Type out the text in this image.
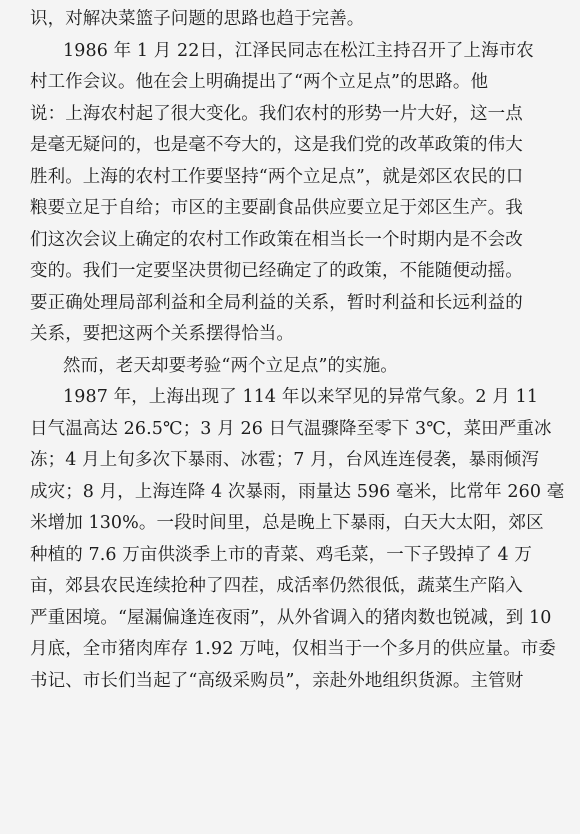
识，对解决菜篮子问题的思路也趋于完善。
1986 年 1 月 22日，江泽民同志在松江主持召开了上海市农
村工作会议。他在会上明确提出了“两个立足点”的思路。他
说：上海农村起了很大变化。我们农村的形势一片大好，这一点
是毫无疑问的，也是毫不夸大的，这是我们党的改革政策的伟大
胜利。上海的农村工作要坚持“两个立足点”，就是郊区农民的口
粮要立足于自给；市区的主要副食品供应要立足于郊区生产。我
们这次会议上确定的农村工作政策在相当长一个时期内是不会改
变的。我们一定要坚决贯彻已经确定了的政策，不能随便动摇。
要正确处理局部利益和全局利益的关系，暂时利益和长远利益的
关系，要把这两个关系摆得恰当。
然而，老天却要考验“两个立足点”的实施。
1987 年，上海出现了 114 年以来罕见的异常气象。2 月 11
日气温高达 26.5℃；3 月 26 日气温骤降至零下 3℃，菜田严重冰
冻；4 月上旬多次下暴雨、冰雹；7 月，台风连连侵袭，暴雨倾泻
成灾；8 月，上海连降 4 次暴雨，雨量达 596 毫米，比常年 260 毫
米增加 130%。一段时间里，总是晚上下暴雨，白天大太阳，郊区
种植的 7.6 万亩供淡季上市的青菜、鸡毛菜，一下子毁掉了 4 万
亩，郊县农民连续抢种了四茬，成活率仍然很低，蔬菜生产陷入
严重困境。“屋漏偏逢连夜雨”，从外省调入的猪肉数也锐减，到 10
月底，全市猪肉库存 1.92 万吨，仅相当于一个多月的供应量。市委
书记、市长们当起了“高级采购员”，亲赴外地组织货源。主管财
